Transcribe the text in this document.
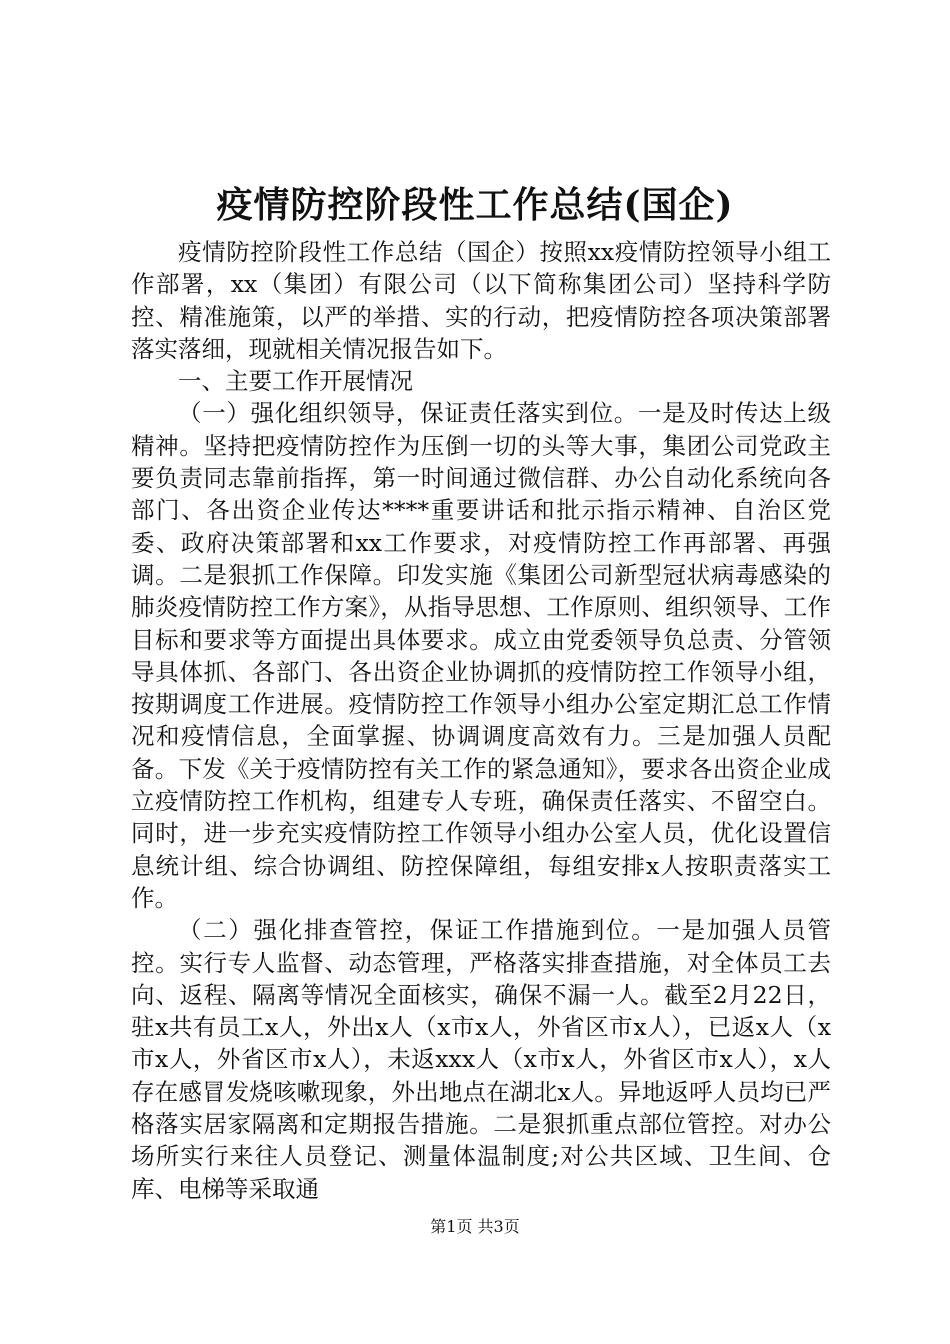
疫情防控阶段性工作总结(国企)

疫情防控阶段性工作总结（国企）按照xx疫情防控领导小组工作部署，xx（集团）有限公司（以下简称集团公司）坚持科学防控、精准施策，以严的举措、实的行动，把疫情防控各项决策部署落实落细，现就相关情况报告如下。

一、主要工作开展情况

（一）强化组织领导，保证责任落实到位。一是及时传达上级精神。坚持把疫情防控作为压倒一切的头等大事，集团公司党政主要负责同志靠前指挥，第一时间通过微信群、办公自动化系统向各部门、各出资企业传达****重要讲话和批示指示精神、自治区党委、政府决策部署和xx工作要求，对疫情防控工作再部署、再强调。二是狠抓工作保障。印发实施《集团公司新型冠状病毒感染的肺炎疫情防控工作方案》，从指导思想、工作原则、组织领导、工作目标和要求等方面提出具体要求。成立由党委领导负总责、分管领导具体抓、各部门、各出资企业协调抓的疫情防控工作领导小组，按期调度工作进展。疫情防控工作领导小组办公室定期汇总工作情况和疫情信息，全面掌握、协调调度高效有力。三是加强人员配备。下发《关于疫情防控有关工作的紧急通知》，要求各出资企业成立疫情防控工作机构，组建专人专班，确保责任落实、不留空白。同时，进一步充实疫情防控工作领导小组办公室人员，优化设置信息统计组、综合协调组、防控保障组，每组安排x人按职责落实工作。

（二）强化排查管控，保证工作措施到位。一是加强人员管控。实行专人监督、动态管理，严格落实排查措施，对全体员工去向、返程、隔离等情况全面核实，确保不漏一人。截至2月22日，驻x共有员工x人，外出x人（x市x人，外省区市x人），已返x人（x市x人，外省区市x人），未返xxx人（x市x人，外省区市x人），x人存在感冒发烧咳嗽现象，外出地点在湖北x人。异地返呼人员均已严格落实居家隔离和定期报告措施。二是狠抓重点部位管控。对办公场所实行来往人员登记、测量体温制度;对公共区域、卫生间、仓库、电梯等采取通

第1页 共3页
